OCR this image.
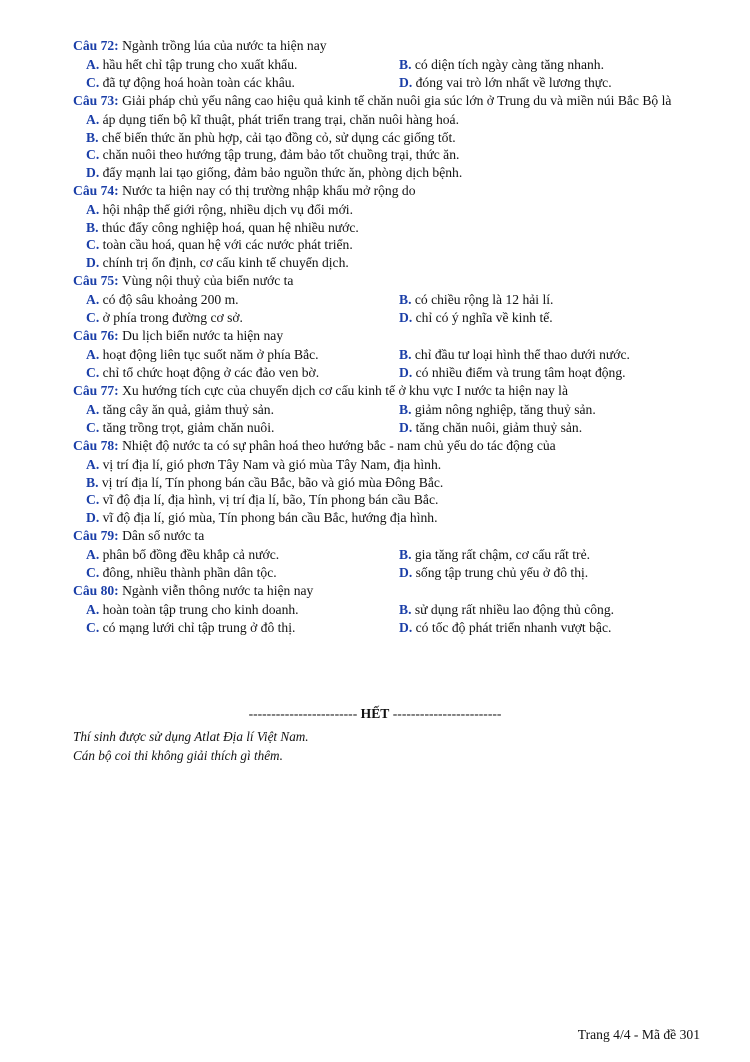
Câu 72: Ngành trồng lúa của nước ta hiện nay
A. hầu hết chỉ tập trung cho xuất khẩu.	B. có diện tích ngày càng tăng nhanh.
C. đã tự động hoá hoàn toàn các khâu.	D. đóng vai trò lớn nhất về lương thực.
Câu 73: Giải pháp chủ yếu nâng cao hiệu quả kinh tế chăn nuôi gia súc lớn ở Trung du và miền núi Bắc Bộ là
A. áp dụng tiến bộ kĩ thuật, phát triển trang trại, chăn nuôi hàng hoá.
B. chế biến thức ăn phù hợp, cải tạo đồng cỏ, sử dụng các giống tốt.
C. chăn nuôi theo hướng tập trung, đảm bảo tốt chuồng trại, thức ăn.
D. đẩy mạnh lai tạo giống, đảm bảo nguồn thức ăn, phòng dịch bệnh.
Câu 74: Nước ta hiện nay có thị trường nhập khẩu mở rộng do
A. hội nhập thế giới rộng, nhiều dịch vụ đổi mới.
B. thúc đẩy công nghiệp hoá, quan hệ nhiều nước.
C. toàn cầu hoá, quan hệ với các nước phát triển.
D. chính trị ổn định, cơ cấu kinh tế chuyển dịch.
Câu 75: Vùng nội thuỷ của biển nước ta
A. có độ sâu khoảng 200 m.	B. có chiều rộng là 12 hải lí.
C. ở phía trong đường cơ sở.	D. chỉ có ý nghĩa về kinh tế.
Câu 76: Du lịch biển nước ta hiện nay
A. hoạt động liên tục suốt năm ở phía Bắc.	B. chỉ đầu tư loại hình thể thao dưới nước.
C. chỉ tổ chức hoạt động ở các đảo ven bờ.	D. có nhiều điểm và trung tâm hoạt động.
Câu 77: Xu hướng tích cực của chuyển dịch cơ cấu kinh tế ở khu vực I nước ta hiện nay là
A. tăng cây ăn quả, giảm thuỷ sản.	B. giảm nông nghiệp, tăng thuỷ sản.
C. tăng trồng trọt, giảm chăn nuôi.	D. tăng chăn nuôi, giảm thuỷ sản.
Câu 78: Nhiệt độ nước ta có sự phân hoá theo hướng bắc - nam chủ yếu do tác động của
A. vị trí địa lí, gió phơn Tây Nam và gió mùa Tây Nam, địa hình.
B. vị trí địa lí, Tín phong bán cầu Bắc, bão và gió mùa Đông Bắc.
C. vĩ độ địa lí, địa hình, vị trí địa lí, bão, Tín phong bán cầu Bắc.
D. vĩ độ địa lí, gió mùa, Tín phong bán cầu Bắc, hướng địa hình.
Câu 79: Dân số nước ta
A. phân bố đồng đều khắp cả nước.	B. gia tăng rất chậm, cơ cấu rất trẻ.
C. đông, nhiều thành phần dân tộc.	D. sống tập trung chủ yếu ở đô thị.
Câu 80: Ngành viễn thông nước ta hiện nay
A. hoàn toàn tập trung cho kinh doanh.	B. sử dụng rất nhiều lao động thủ công.
C. có mạng lưới chỉ tập trung ở đô thị.	D. có tốc độ phát triển nhanh vượt bậc.
------------------------ HẾT ------------------------
Thí sinh được sử dụng Atlat Địa lí Việt Nam.
Cán bộ coi thi không giải thích gì thêm.
Trang 4/4 - Mã đề 301
